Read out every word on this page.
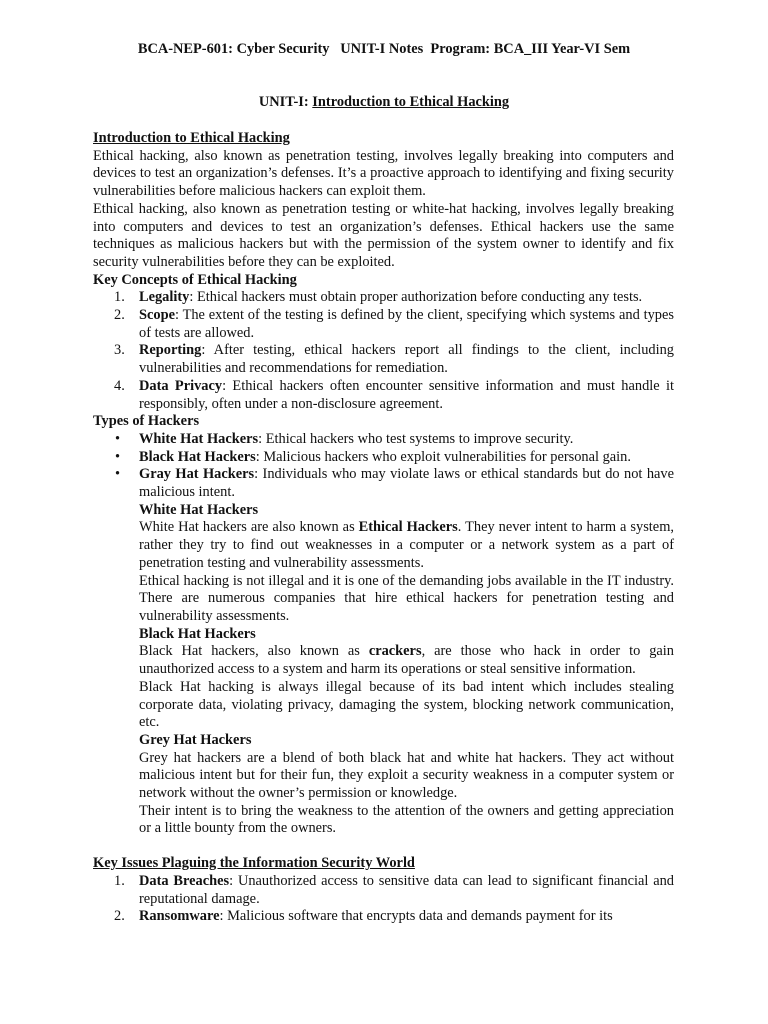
BCA-NEP-601: Cyber Security   UNIT-I Notes  Program: BCA_III Year-VI Sem
UNIT-I: Introduction to Ethical Hacking
Introduction to Ethical Hacking

Ethical hacking, also known as penetration testing, involves legally breaking into computers and devices to test an organization’s defenses. It’s a proactive approach to identifying and fixing security vulnerabilities before malicious hackers can exploit them.

Ethical hacking, also known as penetration testing or white-hat hacking, involves legally breaking into computers and devices to test an organization’s defenses. Ethical hackers use the same techniques as malicious hackers but with the permission of the system owner to identify and fix security vulnerabilities before they can be exploited.

Key Concepts of Ethical Hacking
1. Legality: Ethical hackers must obtain proper authorization before conducting any tests.
2. Scope: The extent of the testing is defined by the client, specifying which systems and types of tests are allowed.
3. Reporting: After testing, ethical hackers report all findings to the client, including vulnerabilities and recommendations for remediation.
4. Data Privacy: Ethical hackers often encounter sensitive information and must handle it responsibly, often under a non-disclosure agreement.
Types of Hackers
• White Hat Hackers: Ethical hackers who test systems to improve security.
• Black Hat Hackers: Malicious hackers who exploit vulnerabilities for personal gain.
• Gray Hat Hackers: Individuals who may violate laws or ethical standards but do not have malicious intent.
White Hat Hackers

White Hat hackers are also known as Ethical Hackers. They never intent to harm a system, rather they try to find out weaknesses in a computer or a network system as a part of penetration testing and vulnerability assessments.

Ethical hacking is not illegal and it is one of the demanding jobs available in the IT industry. There are numerous companies that hire ethical hackers for penetration testing and vulnerability assessments.

Black Hat Hackers

Black Hat hackers, also known as crackers, are those who hack in order to gain unauthorized access to a system and harm its operations or steal sensitive information.

Black Hat hacking is always illegal because of its bad intent which includes stealing corporate data, violating privacy, damaging the system, blocking network communication, etc.

Grey Hat Hackers

Grey hat hackers are a blend of both black hat and white hat hackers. They act without malicious intent but for their fun, they exploit a security weakness in a computer system or network without the owner’s permission or knowledge.

Their intent is to bring the weakness to the attention of the owners and getting appreciation or a little bounty from the owners.

Key Issues Plaguing the Information Security World
1. Data Breaches: Unauthorized access to sensitive data can lead to significant financial and reputational damage.
2. Ransomware: Malicious software that encrypts data and demands payment for its
